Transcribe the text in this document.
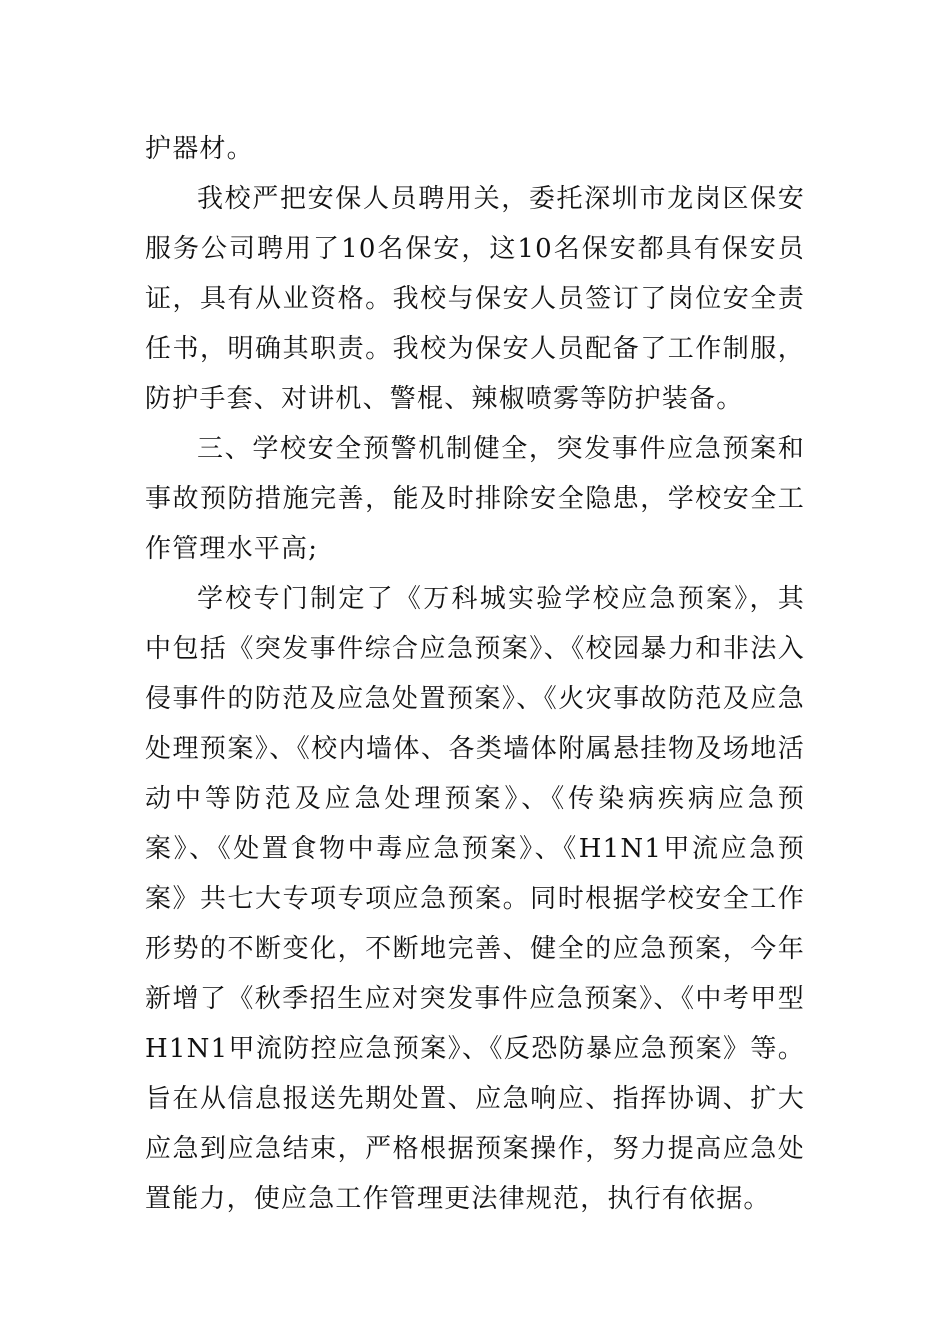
护器材。

我校严把安保人员聘用关，委托深圳市龙岗区保安服务公司聘用了10名保安，这10名保安都具有保安员证，具有从业资格。我校与保安人员签订了岗位安全责任书，明确其职责。我校为保安人员配备了工作制服，防护手套、对讲机、警棍、辣椒喷雾等防护装备。

三、学校安全预警机制健全，突发事件应急预案和事故预防措施完善，能及时排除安全隐患，学校安全工作管理水平高;

学校专门制定了《万科城实验学校应急预案》，其中包括《突发事件综合应急预案》、《校园暴力和非法入侵事件的防范及应急处置预案》、《火灾事故防范及应急处理预案》、《校内墙体、各类墙体附属悬挂物及场地活动中等防范及应急处理预案》、《传染病疾病应急预案》、《处置食物中毒应急预案》、《H1N1甲流应急预案》共七大专项专项应急预案。同时根据学校安全工作形势的不断变化，不断地完善、健全的应急预案，今年新增了《秋季招生应对突发事件应急预案》、《中考甲型H1N1甲流防控应急预案》、《反恐防暴应急预案》等。旨在从信息报送先期处置、应急响应、指挥协调、扩大应急到应急结束，严格根据预案操作，努力提高应急处置能力，使应急工作管理更法律规范，执行有依据。
